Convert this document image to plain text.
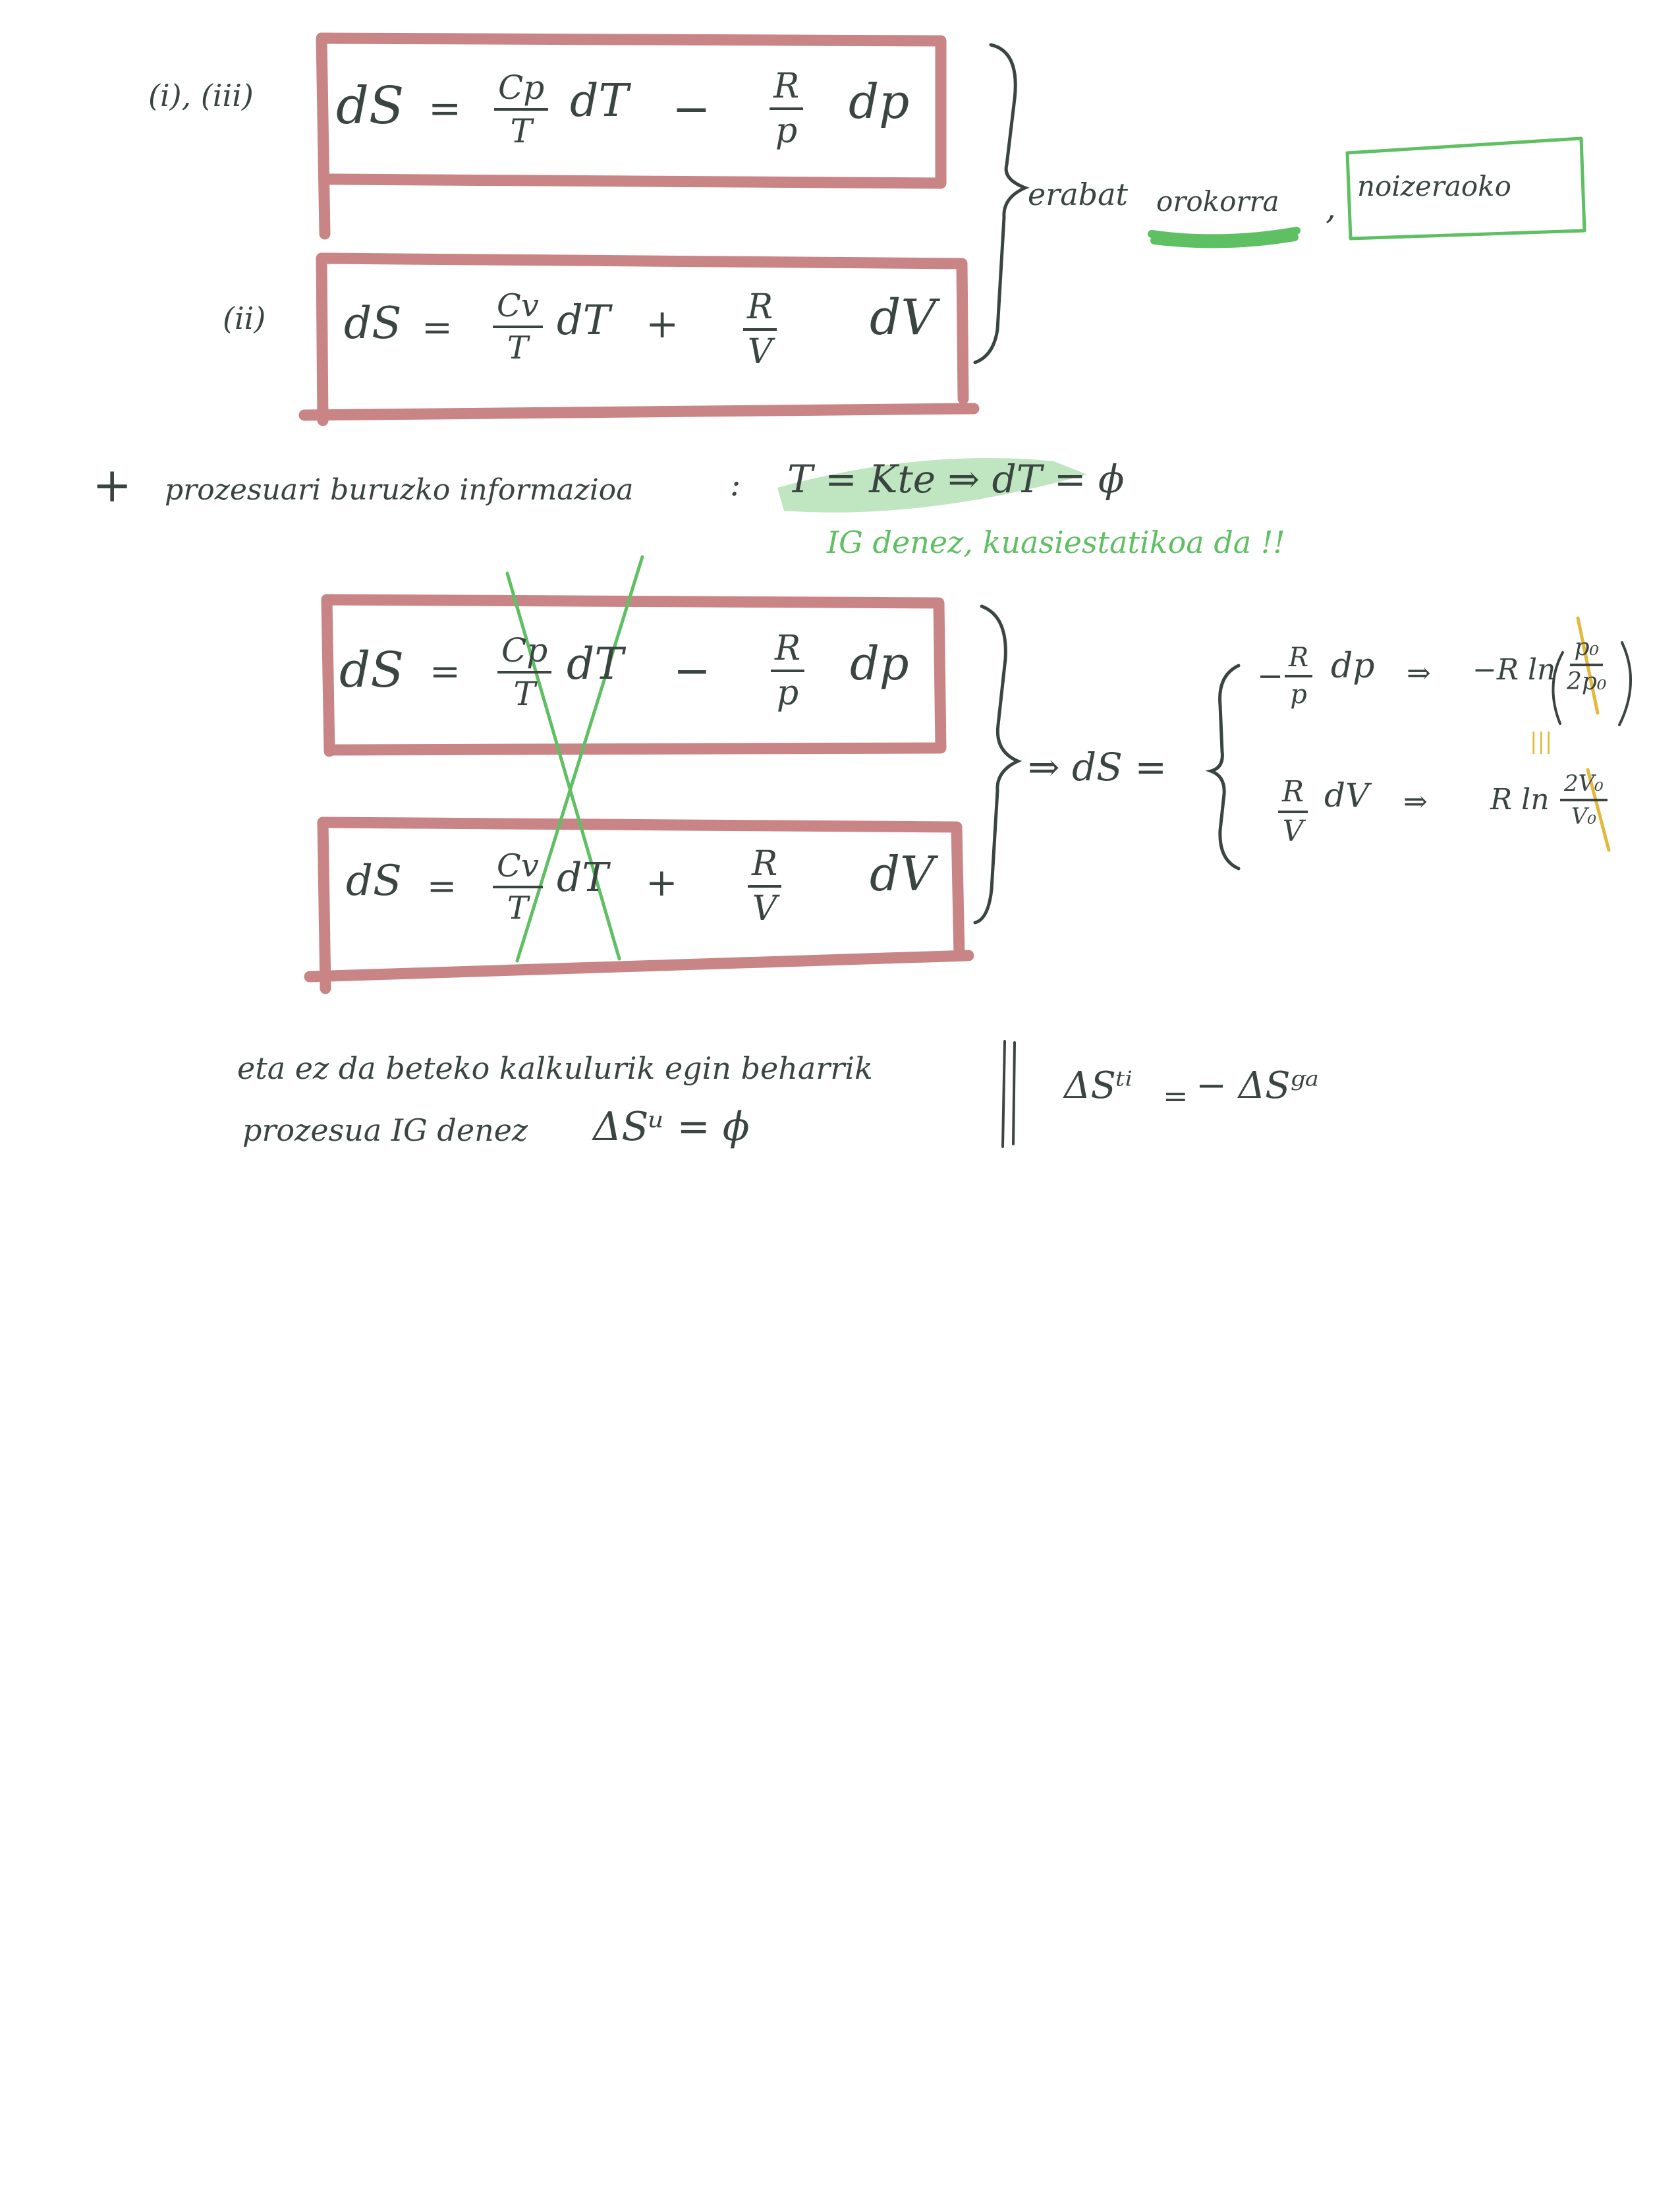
(i), (iii)
(ii)
dS = $\frac{Cp}{T}$ dT − $\frac{R}{p}$ dp
dS = $\frac{Cv}{T}$ dT + $\frac{R}{V}$ dV
erabat orokorra ,
noizeraoko
+ prozesuari buruzko informazioa	: T = Kte ⇒ dT = ϕ
IG denez, kuasiestatikoa da !!
dS = $\frac{Cp}{T}$ dT − $\frac{R}{p}$ dp
dS = $\frac{Cv}{T}$ dT + $\frac{R}{V}$ dV
⇒ dS =
− $\frac{R}{p}$ dp ⇒ −R $\ln \frac{\text{p₀}}{\text{2p₀}}$
|||
$\frac{R}{V}$ dV ⇒ R $\ln \frac{\text{2V₀}}{\text{V₀}}$
eta ez da beteko kalkulurik egin beharrik
prozesua IG denez ΔSᵘ = ϕ
ΔSᵗⁱ = − ΔSᵍᵃ
